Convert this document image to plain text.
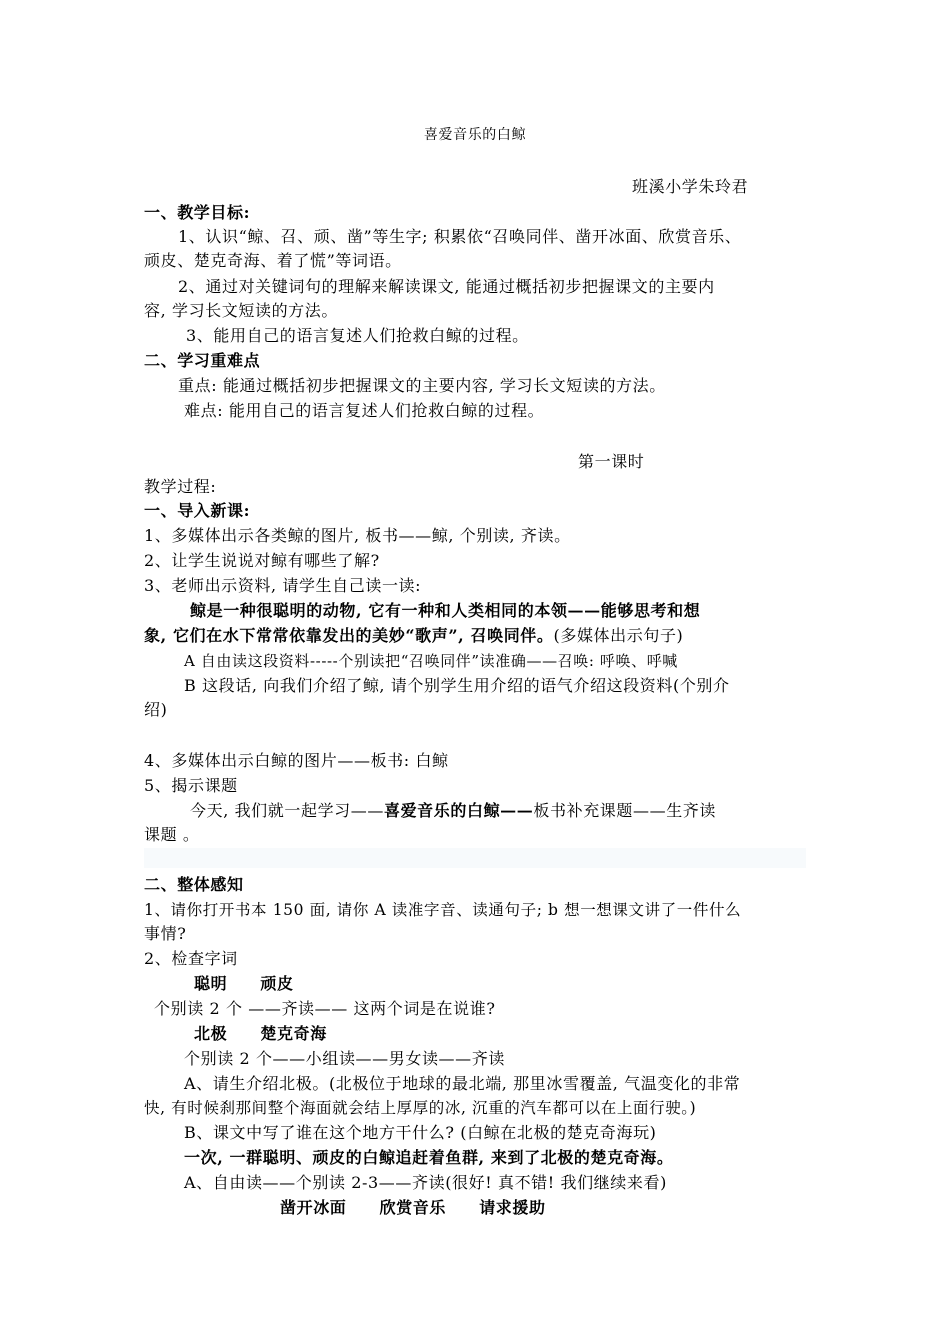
喜爱音乐的白鲸

班溪小学朱玲君

一、教学目标:

1、认识“鲸、召、顽、凿”等生字; 积累依“召唤同伴、凿开冰面、欣赏音乐、

顽皮、楚克奇海、着了慌”等词语。

2、通过对关键词句的理解来解读课文, 能通过概括初步把握课文的主要内

容, 学习长文短读的方法。

3、能用自己的语言复述人们抢救白鲸的过程。

二、学习重难点

重点: 能通过概括初步把握课文的主要内容, 学习长文短读的方法。

难点: 能用自己的语言复述人们抢救白鲸的过程。

第一课时

教学过程:

一、导入新课:

1、多媒体出示各类鲸的图片, 板书——鲸, 个别读, 齐读。

2、让学生说说对鲸有哪些了解?

3、老师出示资料, 请学生自己读一读:

鲸是一种很聪明的动物, 它有一种和人类相同的本领——能够思考和想

象, 它们在水下常常依靠发出的美妙“歌声”, 召唤同伴。(多媒体出示句子)

A 自由读这段资料-----个别读把“召唤同伴”读准确——召唤: 呼唤、呼喊

B 这段话, 向我们介绍了鲸, 请个别学生用介绍的语气介绍这段资料(个别介

绍)

4、多媒体出示白鲸的图片——板书: 白鲸

5、揭示课题

今天, 我们就一起学习——喜爱音乐的白鲸——板书补充课题——生齐读

课题 。

二、整体感知

1、请你打开书本 150 面, 请你 A 读准字音、读通句子; b 想一想课文讲了一件什么

事情?

2、检查字词

聪明　　顽皮

个别读 2 个 ——齐读—— 这两个词是在说谁?

北极　　楚克奇海

个别读 2 个——小组读——男女读——齐读

A、请生介绍北极。(北极位于地球的最北端, 那里冰雪覆盖, 气温变化的非常

快, 有时候刹那间整个海面就会结上厚厚的冰, 沉重的汽车都可以在上面行驶。)

B、课文中写了谁在这个地方干什么? (白鲸在北极的楚克奇海玩)

一次, 一群聪明、顽皮的白鲸追赶着鱼群, 来到了北极的楚克奇海。

A、自由读——个别读 2-3——齐读(很好! 真不错! 我们继续来看)

凿开冰面　　欣赏音乐　　请求援助
